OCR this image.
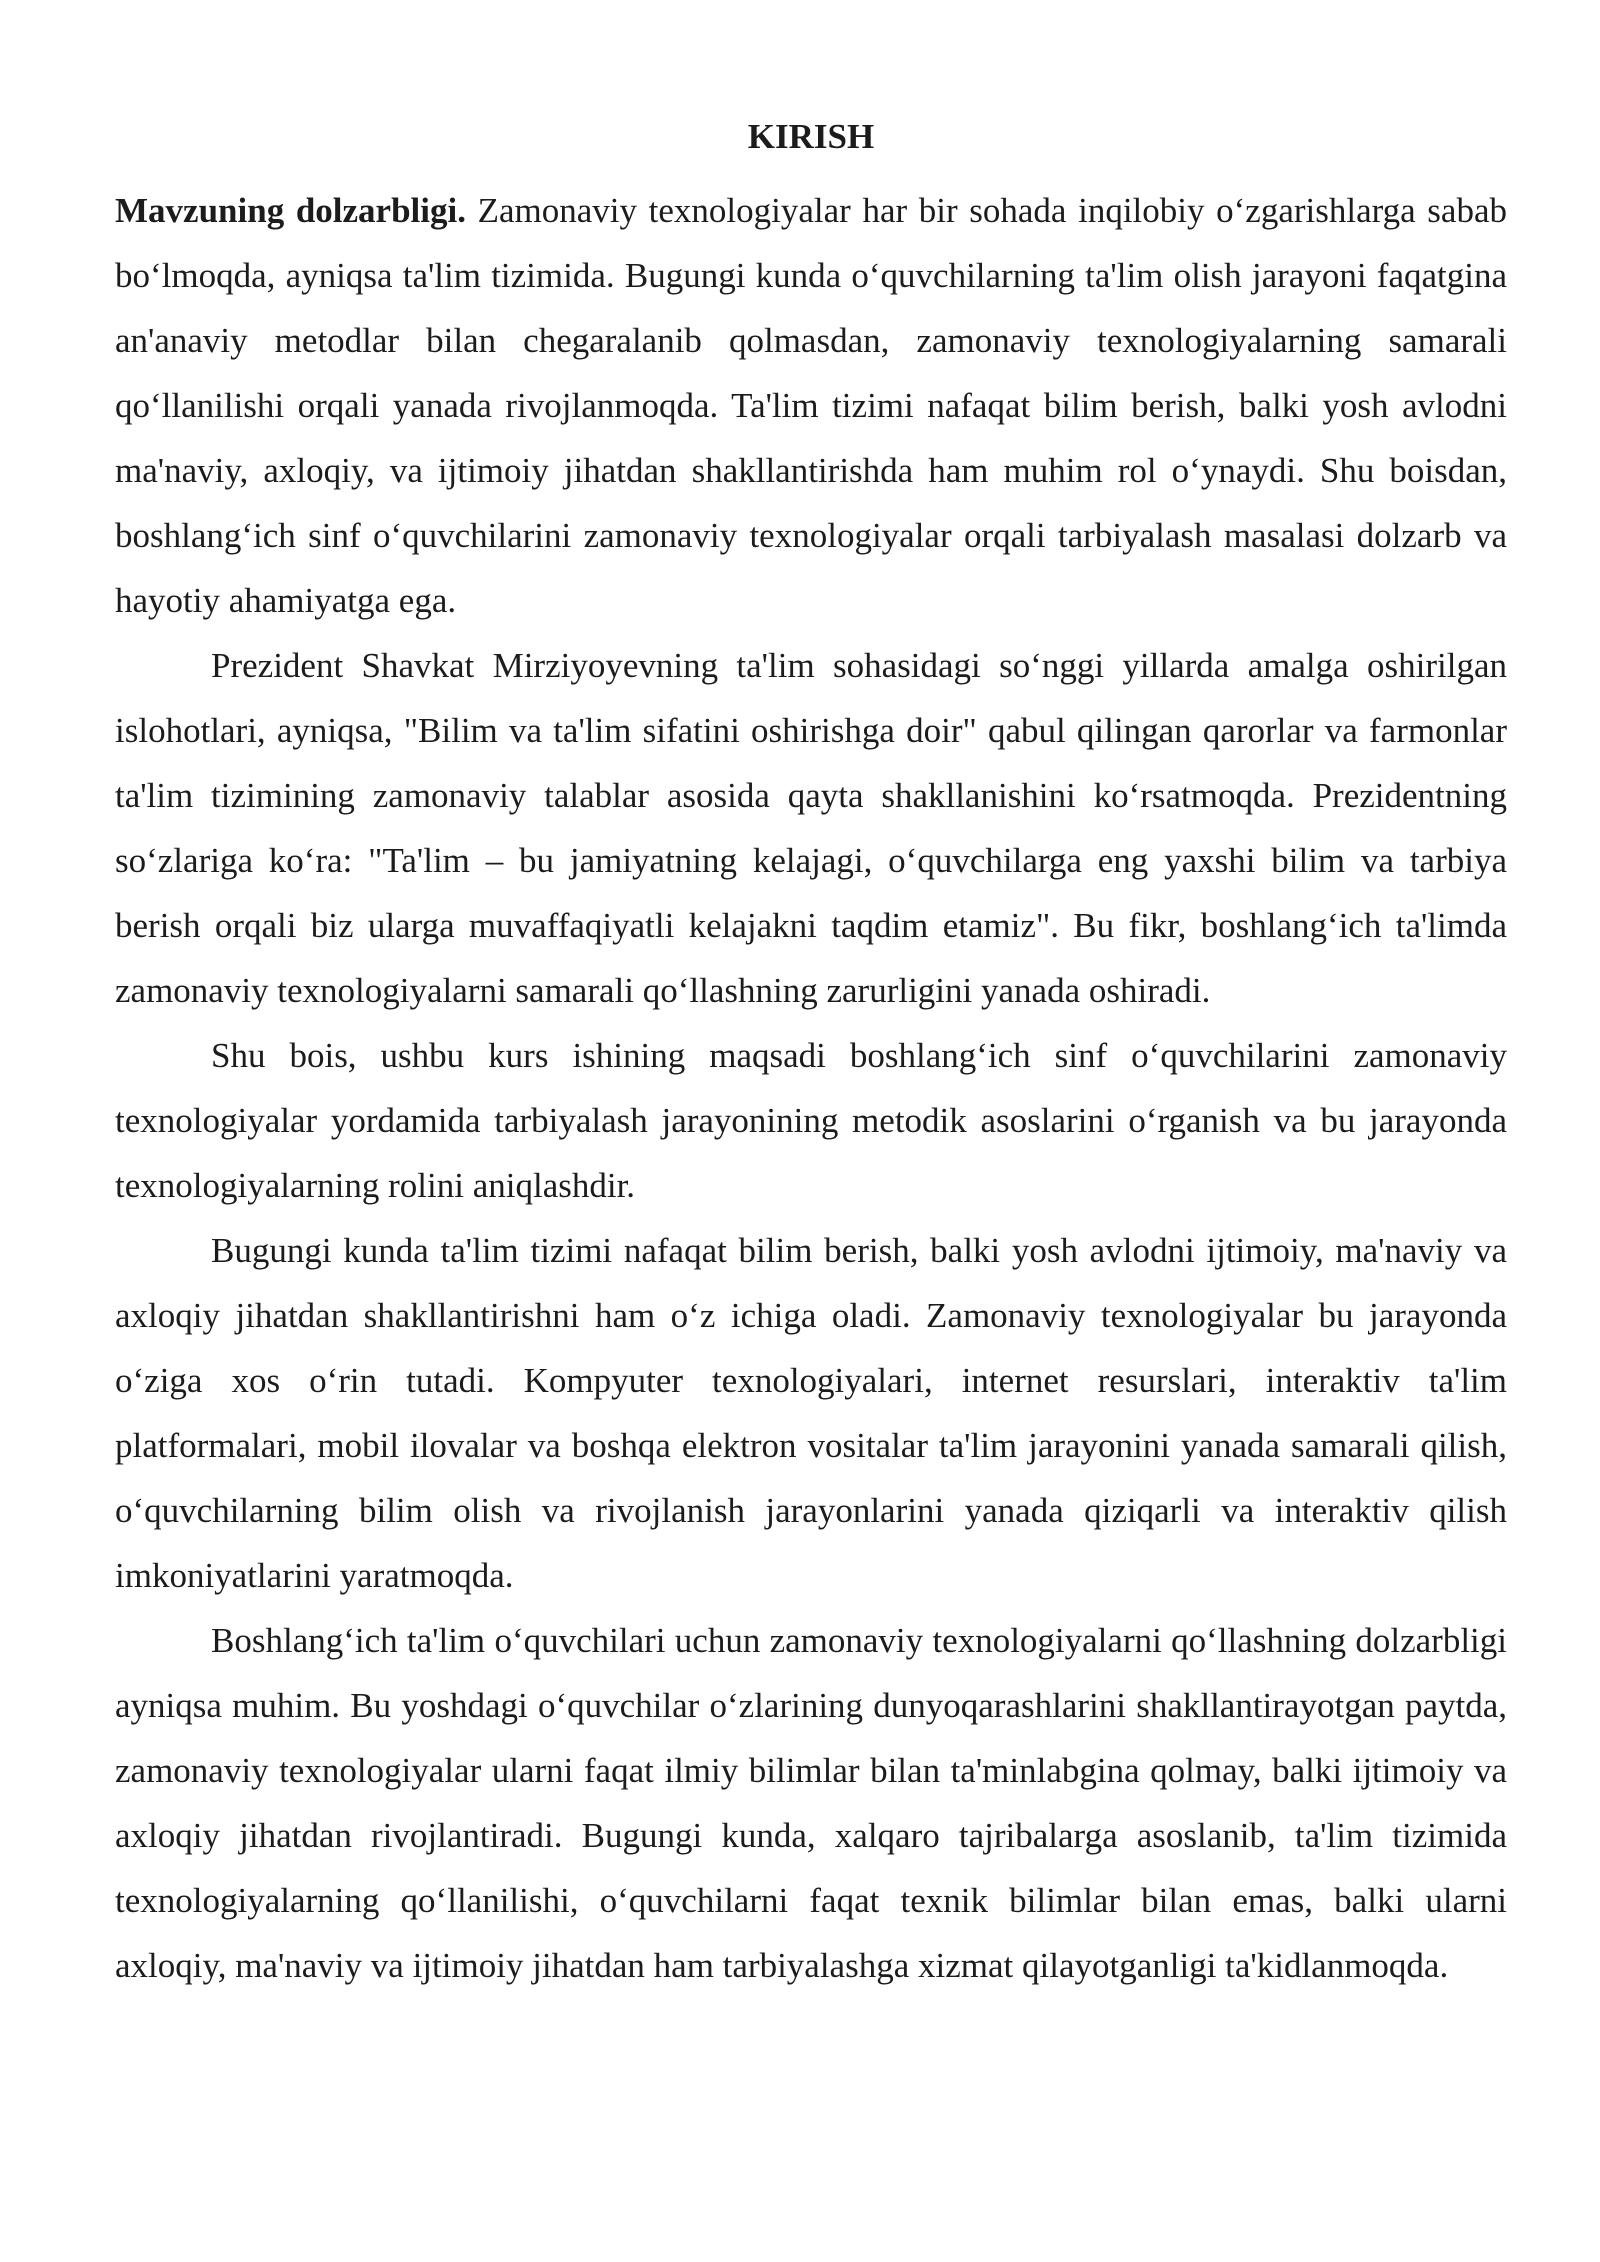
KIRISH

Mavzuning dolzarbligi. Zamonaviy texnologiyalar har bir sohada inqilobiy o‘zgarishlarga sabab bo‘lmoqda, ayniqsa ta'lim tizimida. Bugungi kunda o‘quvchilarning ta'lim olish jarayoni faqatgina an'anaviy metodlar bilan chegaralanib qolmasdan, zamonaviy texnologiyalarning samarali qo‘llanilishi orqali yanada rivojlanmoqda. Ta'lim tizimi nafaqat bilim berish, balki yosh avlodni ma'naviy, axloqiy, va ijtimoiy jihatdan shakllantirishda ham muhim rol o‘ynaydi. Shu boisdan, boshlang‘ich sinf o‘quvchilarini zamonaviy texnologiyalar orqali tarbiyalash masalasi dolzarb va hayotiy ahamiyatga ega.

Prezident Shavkat Mirziyoyevning ta'lim sohasidagi so‘nggi yillarda amalga oshirilgan islohotlari, ayniqsa, "Bilim va ta'lim sifatini oshirishga doir" qabul qilingan qarorlar va farmonlar ta'lim tizimining zamonaviy talablar asosida qayta shakllanishini ko‘rsatmoqda. Prezidentning so‘zlariga ko‘ra: "Ta'lim – bu jamiyatning kelajagi, o‘quvchilarga eng yaxshi bilim va tarbiya berish orqali biz ularga muvaffaqiyatli kelajakni taqdim etamiz". Bu fikr, boshlang‘ich ta'limda zamonaviy texnologiyalarni samarali qo‘llashning zarurligini yanada oshiradi.

Shu bois, ushbu kurs ishining maqsadi boshlang‘ich sinf o‘quvchilarini zamonaviy texnologiyalar yordamida tarbiyalash jarayonining metodik asoslarini o‘rganish va bu jarayonda texnologiyalarning rolini aniqlashdir.

Bugungi kunda ta'lim tizimi nafaqat bilim berish, balki yosh avlodni ijtimoiy, ma'naviy va axloqiy jihatdan shakllantirishni ham o‘z ichiga oladi. Zamonaviy texnologiyalar bu jarayonda o‘ziga xos o‘rin tutadi. Kompyuter texnologiyalari, internet resurslari, interaktiv ta'lim platformalari, mobil ilovalar va boshqa elektron vositalar ta'lim jarayonini yanada samarali qilish, o‘quvchilarning bilim olish va rivojlanish jarayonlarini yanada qiziqarli va interaktiv qilish imkoniyatlarini yaratmoqda.

Boshlang‘ich ta'lim o‘quvchilari uchun zamonaviy texnologiyalarni qo‘llashning dolzarbligi ayniqsa muhim. Bu yoshdagi o‘quvchilar o‘zlarining dunyoqarashlarini shakllantirayotgan paytda, zamonaviy texnologiyalar ularni faqat ilmiy bilimlar bilan ta'minlabgina qolmay, balki ijtimoiy va axloqiy jihatdan rivojlantiradi. Bugungi kunda, xalqaro tajribalarga asoslanib, ta'lim tizimida texnologiyalarning qo‘llanilishi, o‘quvchilarni faqat texnik bilimlar bilan emas, balki ularni axloqiy, ma'naviy va ijtimoiy jihatdan ham tarbiyalashga xizmat qilayotganligi ta'kidlanmoqda.
